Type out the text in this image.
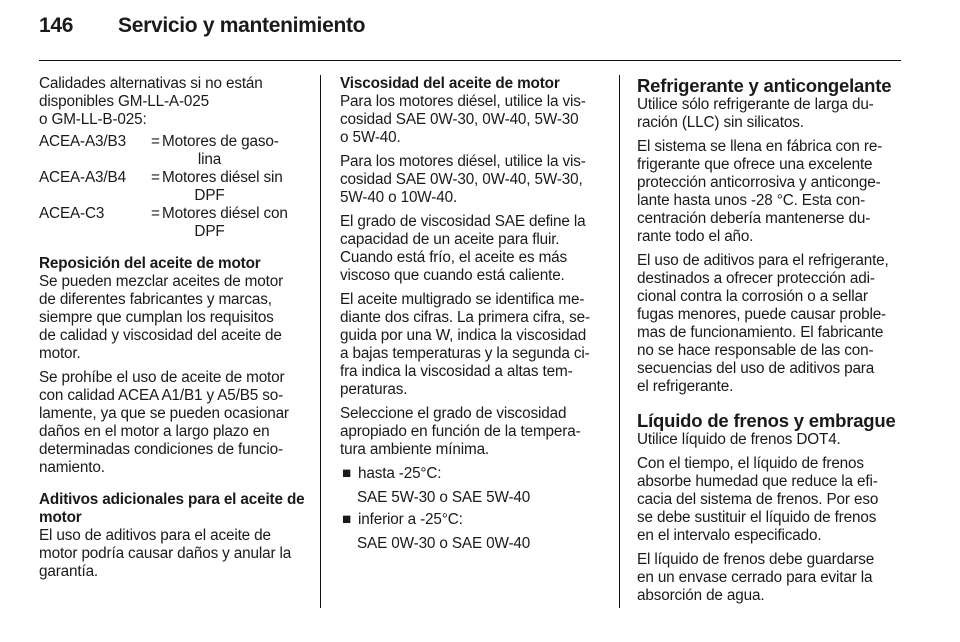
146 Servicio y mantenimiento

Calidades alternativas si no están
disponibles GM-LL-A-025
o GM-LL-B-025:

ACEA-A3/B3	= Motores de gaso-
lina
ACEA-A3/B4	= Motores diésel sin
DPF
ACEA-C3	= Motores diésel con
DPF

Reposición del aceite de motor

Se pueden mezclar aceites de motor
de diferentes fabricantes y marcas,
siempre que cumplan los requisitos
de calidad y viscosidad del aceite de
motor.

Se prohíbe el uso de aceite de motor
con calidad ACEA A1/B1 y A5/B5 so-
lamente, ya que se pueden ocasionar
daños en el motor a largo plazo en
determinadas condiciones de funcio-
namiento.

Aditivos adicionales para el aceite de
motor

El uso de aditivos para el aceite de
motor podría causar daños y anular la
garantía.

Viscosidad del aceite de motor

Para los motores diésel, utilice la vis-
cosidad SAE 0W-30, 0W-40, 5W-30
o 5W-40.

Para los motores diésel, utilice la vis-
cosidad SAE 0W-30, 0W-40, 5W-30,
5W-40 o 10W-40.

El grado de viscosidad SAE define la
capacidad de un aceite para fluir.
Cuando está frío, el aceite es más
viscoso que cuando está caliente.

El aceite multigrado se identifica me-
diante dos cifras. La primera cifra, se-
guida por una W, indica la viscosidad
a bajas temperaturas y la segunda ci-
fra indica la viscosidad a altas tem-
peraturas.

Seleccione el grado de viscosidad
apropiado en función de la tempera-
tura ambiente mínima.

■ hasta -25°C:
SAE 5W-30 o SAE 5W-40
■ inferior a -25°C:
SAE 0W-30 o SAE 0W-40
Refrigerante y anticongelante

Utilice sólo refrigerante de larga du-
ración (LLC) sin silicatos.

El sistema se llena en fábrica con re-
frigerante que ofrece una excelente
protección anticorrosiva y anticonge-
lante hasta unos -28 °C. Esta con-
centración debería mantenerse du-
rante todo el año.

El uso de aditivos para el refrigerante,
destinados a ofrecer protección adi-
cional contra la corrosión o a sellar
fugas menores, puede causar proble-
mas de funcionamiento. El fabricante
no se hace responsable de las con-
secuencias del uso de aditivos para
el refrigerante.

Líquido de frenos y embrague

Utilice líquido de frenos DOT4.

Con el tiempo, el líquido de frenos
absorbe humedad que reduce la efi-
cacia del sistema de frenos. Por eso
se debe sustituir el líquido de frenos
en el intervalo especificado.

El líquido de frenos debe guardarse
en un envase cerrado para evitar la
absorción de agua.
